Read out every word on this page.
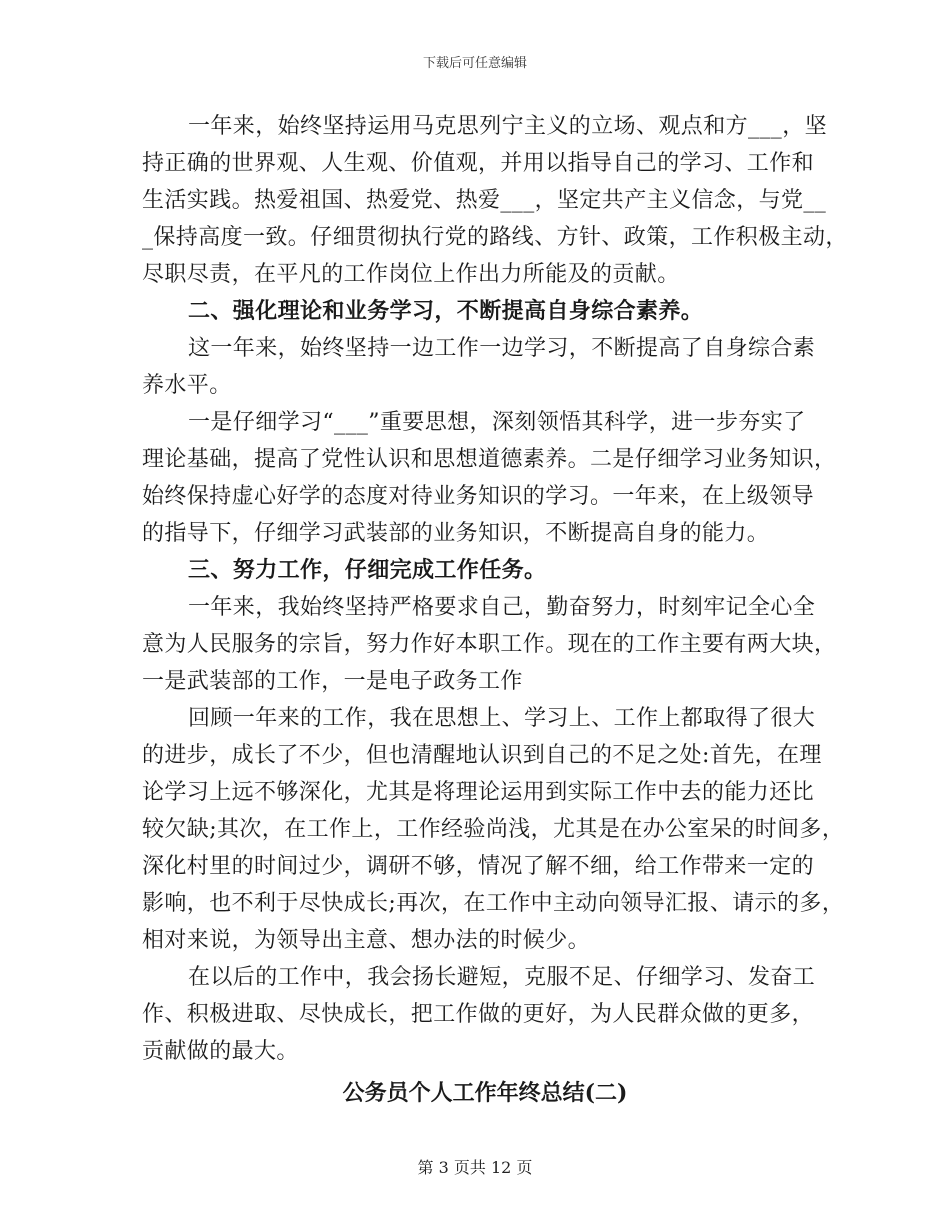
下载后可任意编辑
一年来，始终坚持运用马克思列宁主义的立场、观点和方___，坚
持正确的世界观、人生观、价值观，并用以指导自己的学习、工作和
生活实践。热爱祖国、热爱党、热爱___，坚定共产主义信念，与党__
_保持高度一致。仔细贯彻执行党的路线、方针、政策，工作积极主动，
尽职尽责，在平凡的工作岗位上作出力所能及的贡献。
二、强化理论和业务学习，不断提高自身综合素养。
这一年来，始终坚持一边工作一边学习，不断提高了自身综合素
养水平。
一是仔细学习“___”重要思想，深刻领悟其科学，进一步夯实了
理论基础，提高了党性认识和思想道德素养。二是仔细学习业务知识，
始终保持虚心好学的态度对待业务知识的学习。一年来，在上级领导
的指导下，仔细学习武装部的业务知识，不断提高自身的能力。
三、努力工作，仔细完成工作任务。
一年来，我始终坚持严格要求自己，勤奋努力，时刻牢记全心全
意为人民服务的宗旨，努力作好本职工作。现在的工作主要有两大块，
一是武装部的工作，一是电子政务工作
回顾一年来的工作，我在思想上、学习上、工作上都取得了很大
的进步，成长了不少，但也清醒地认识到自己的不足之处:首先，在理
论学习上远不够深化，尤其是将理论运用到实际工作中去的能力还比
较欠缺;其次，在工作上，工作经验尚浅，尤其是在办公室呆的时间多，
深化村里的时间过少，调研不够，情况了解不细，给工作带来一定的
影响，也不利于尽快成长;再次，在工作中主动向领导汇报、请示的多，
相对来说，为领导出主意、想办法的时候少。
在以后的工作中，我会扬长避短，克服不足、仔细学习、发奋工
作、积极进取、尽快成长，把工作做的更好，为人民群众做的更多，
贡献做的最大。
公务员个人工作年终总结(二)
第 3 页共 12 页
